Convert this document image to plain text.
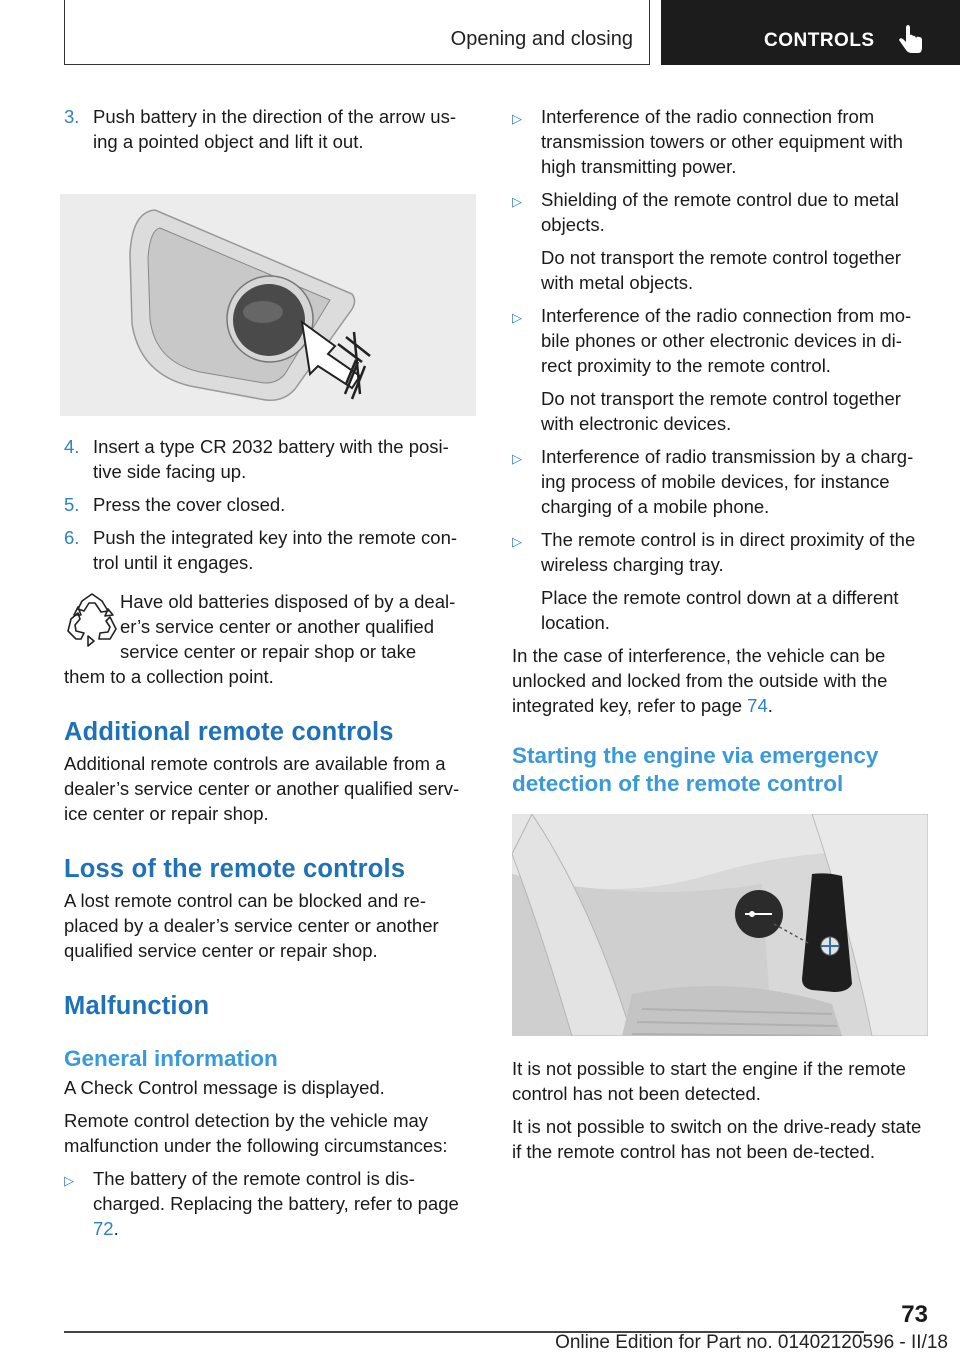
Opening and closing	CONTROLS
3. Push battery in the direction of the arrow us-ing a pointed object and lift it out.
4. Insert a type CR 2032 battery with the posi-tive side facing up.
5. Press the cover closed.
6. Push the integrated key into the remote con-trol until it engages.
Have old batteries disposed of by a deal-er’s service center or another qualified service center or repair shop or take

them to a collection point.

Additional remote controls

Additional remote controls are available from a dealer’s service center or another qualified serv-ice center or repair shop.

Loss of the remote controls

A lost remote control can be blocked and re-placed by a dealer’s service center or another qualified service center or repair shop.

Malfunction
General information

A Check Control message is displayed.

Remote control detection by the vehicle may malfunction under the following circumstances:

▷	The battery of the remote control is dis-charged. Replacing the battery, refer to page 72.
▷	Interference of the radio connection from transmission towers or other equipment with high transmitting power.

▷	Shielding of the remote control due to metal objects.

Do not transport the remote control together with metal objects.

▷	Interference of the radio connection from mo-bile phones or other electronic devices in di-rect proximity to the remote control.

Do not transport the remote control together with electronic devices.

▷	Interference of radio transmission by a charg-ing process of mobile devices, for instance charging of a mobile phone.

▷	The remote control is in direct proximity of the wireless charging tray.

Place the remote control down at a different location.

In the case of interference, the vehicle can be unlocked and locked from the outside with the integrated key, refer to page 74.

Starting the engine via emergency detection of the remote control

It is not possible to start the engine if the remote control has not been detected.

It is not possible to switch on the drive-ready state if the remote control has not been de-tected.

73
Online Edition for Part no. 01402120596 - II/18
